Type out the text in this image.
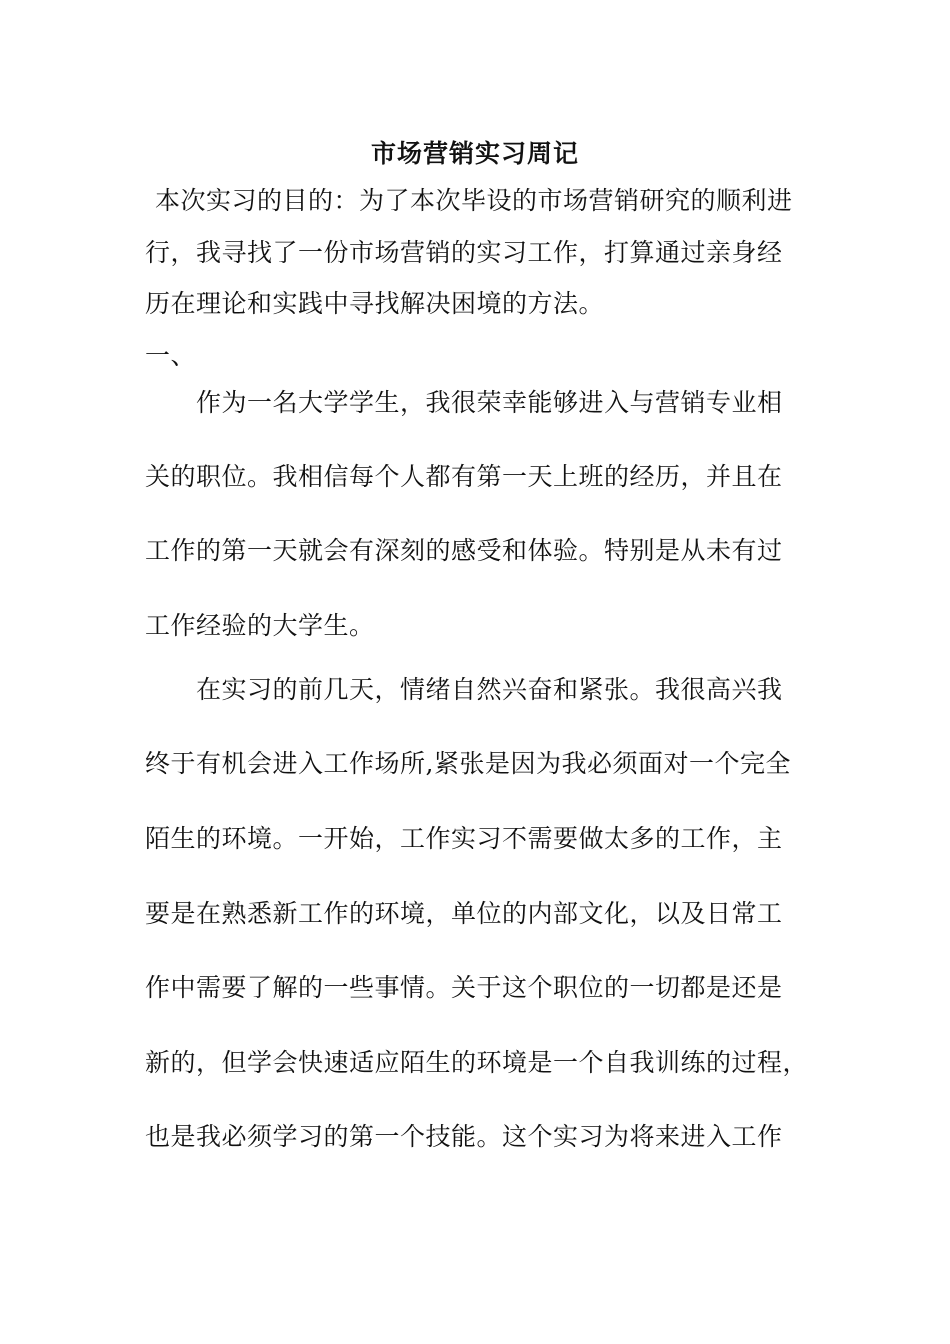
市场营销实习周记
本次实习的目的：为了本次毕设的市场营销研究的顺利进
行，我寻找了一份市场营销的实习工作，打算通过亲身经
历在理论和实践中寻找解决困境的方法。
一、
作为一名大学学生，我很荣幸能够进入与营销专业相
关的职位。我相信每个人都有第一天上班的经历，并且在
工作的第一天就会有深刻的感受和体验。特别是从未有过
工作经验的大学生。
在实习的前几天，情绪自然兴奋和紧张。我很高兴我
终于有机会进入工作场所,紧张是因为我必须面对一个完全
陌生的环境。一开始，工作实习不需要做太多的工作，主
要是在熟悉新工作的环境，单位的内部文化，以及日常工
作中需要了解的一些事情。关于这个职位的一切都是还是
新的，但学会快速适应陌生的环境是一个自我训练的过程，
也是我必须学习的第一个技能。这个实习为将来进入工作
